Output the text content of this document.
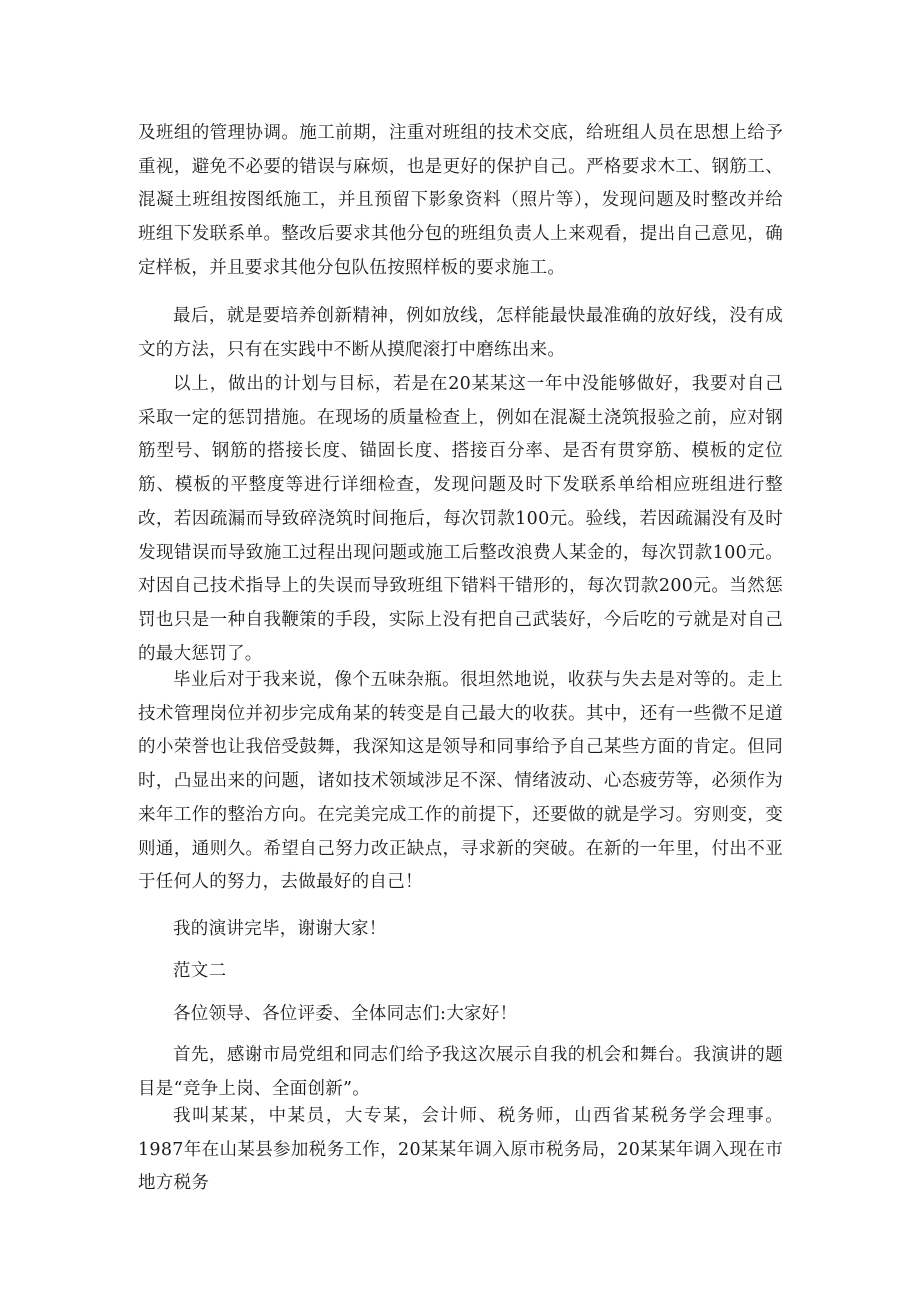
及班组的管理协调。施工前期，注重对班组的技术交底，给班组人员在思想上给予重视，避免不必要的错误与麻烦，也是更好的保护自己。严格要求木工、钢筋工、混凝土班组按图纸施工，并且预留下影象资料（照片等），发现问题及时整改并给班组下发联系单。整改后要求其他分包的班组负责人上来观看，提出自己意见，确定样板，并且要求其他分包队伍按照样板的要求施工。

最后，就是要培养创新精神，例如放线，怎样能最快最准确的放好线，没有成文的方法，只有在实践中不断从摸爬滚打中磨练出来。

以上，做出的计划与目标，若是在20某某这一年中没能够做好，我要对自己采取一定的惩罚措施。在现场的质量检查上，例如在混凝土浇筑报验之前，应对钢筋型号、钢筋的搭接长度、锚固长度、搭接百分率、是否有贯穿筋、模板的定位筋、模板的平整度等进行详细检查，发现问题及时下发联系单给相应班组进行整改，若因疏漏而导致碎浇筑时间拖后，每次罚款100元。验线，若因疏漏没有及时发现错误而导致施工过程出现问题或施工后整改浪费人某金的，每次罚款100元。对因自己技术指导上的失误而导致班组下错料干错形的，每次罚款200元。当然惩罚也只是一种自我鞭策的手段，实际上没有把自己武装好，今后吃的亏就是对自己的最大惩罚了。

毕业后对于我来说，像个五味杂瓶。很坦然地说，收获与失去是对等的。走上技术管理岗位并初步完成角某的转变是自己最大的收获。其中，还有一些微不足道的小荣誉也让我倍受鼓舞，我深知这是领导和同事给予自己某些方面的肯定。但同时，凸显出来的问题，诸如技术领域涉足不深、情绪波动、心态疲劳等，必须作为来年工作的整治方向。在完美完成工作的前提下，还要做的就是学习。穷则变，变则通，通则久。希望自己努力改正缺点，寻求新的突破。在新的一年里，付出不亚于任何人的努力，去做最好的自己！

我的演讲完毕，谢谢大家！

范文二

各位领导、各位评委、全体同志们:大家好！

首先，感谢市局党组和同志们给予我这次展示自我的机会和舞台。我演讲的题目是“竞争上岗、全面创新”。

我叫某某，中某员，大专某，会计师、税务师，山西省某税务学会理事。1987年在山某县参加税务工作，20某某年调入原市税务局，20某某年调入现在市地方税务
